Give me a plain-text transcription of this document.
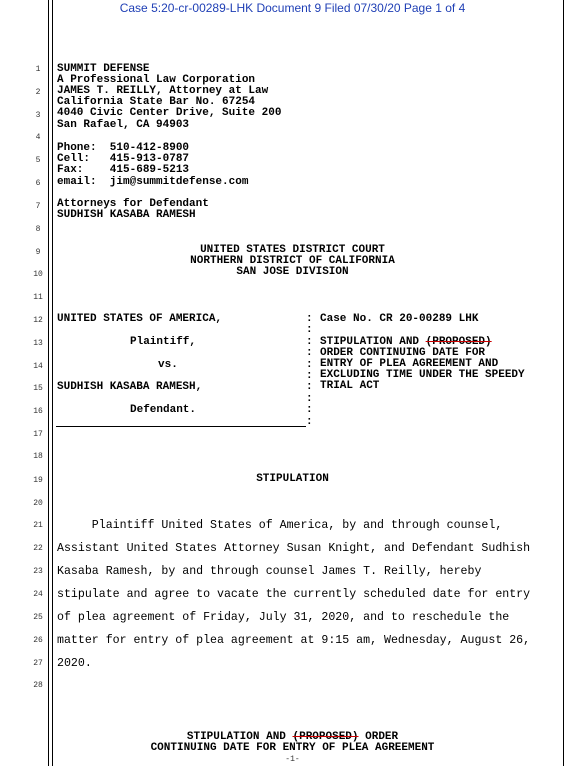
Case 5:20-cr-00289-LHK Document 9 Filed 07/30/20 Page 1 of 4
1
2
3
4
5
6
7
8
9
10
11
12
13
14
15
16
17
18
19
20
21
22
23
24
25
26
27
28
SUMMIT DEFENSE
A Professional Law Corporation
JAMES T. REILLY, Attorney at Law
California State Bar No. 67254
4040 Civic Center Drive, Suite 200
San Rafael, CA 94903
Phone:  510-412-8900
Cell:   415-913-0787
Fax:    415-689-5213
email:  jim@summitdefense.com
Attorneys for Defendant
SUDHISH KASABA RAMESH
UNITED STATES DISTRICT COURT
NORTHERN DISTRICT OF CALIFORNIA
SAN JOSE DIVISION
UNITED STATES OF AMERICA,
Plaintiff,
vs.
SUDHISH KASABA RAMESH,
Defendant.
:
:
:
:
:
:
:
:
:
:
Case No. CR 20-00289 LHK
STIPULATION AND (PROPOSED)
ORDER CONTINUING DATE FOR
ENTRY OF PLEA AGREEMENT AND
EXCLUDING TIME UNDER THE SPEEDY
TRIAL ACT
STIPULATION
Plaintiff United States of America, by and through counsel,
Assistant United States Attorney Susan Knight, and Defendant Sudhish
Kasaba Ramesh, by and through counsel James T. Reilly, hereby
stipulate and agree to vacate the currently scheduled date for entry
of plea agreement of Friday, July 31, 2020, and to reschedule the
matter for entry of plea agreement at 9:15 am, Wednesday, August 26,
2020.
STIPULATION AND (PROPOSED) ORDER
CONTINUING DATE FOR ENTRY OF PLEA AGREEMENT
-1-
